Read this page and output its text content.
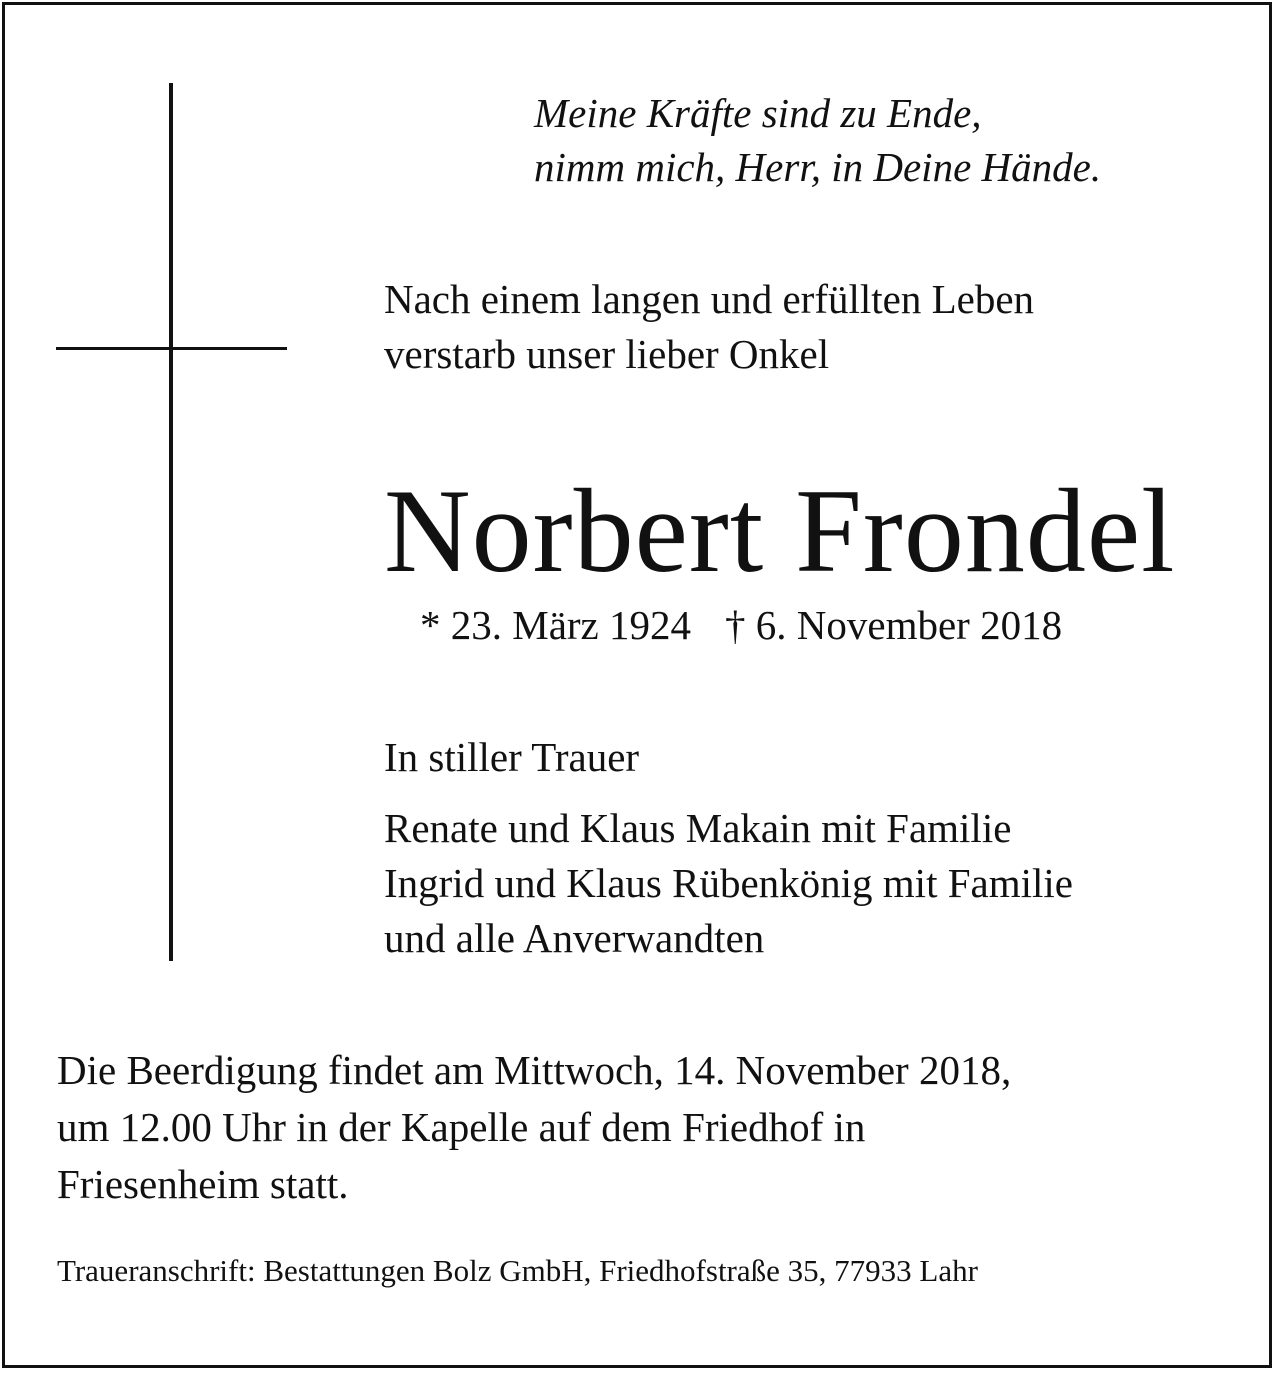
Meine Kräfte sind zu Ende,
nimm mich, Herr, in Deine Hände.
Nach einem langen und erfüllten Leben
verstarb unser lieber Onkel
Norbert Frondel
* 23. März 1924 † 6. November 2018
In stiller Trauer
Renate und Klaus Makain mit Familie
Ingrid und Klaus Rübenkönig mit Familie
und alle Anverwandten
Die Beerdigung findet am Mittwoch, 14. November 2018,
um 12.00 Uhr in der Kapelle auf dem Friedhof in
Friesenheim statt.
Traueranschrift: Bestattungen Bolz GmbH, Friedhofstraße 35, 77933 Lahr
